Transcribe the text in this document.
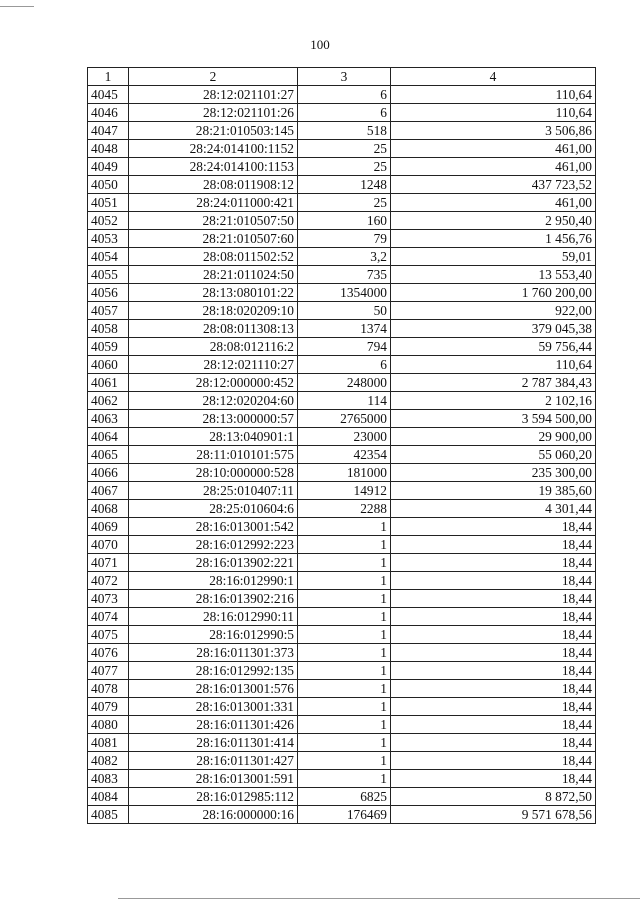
100
1	2	3	4
4045	28:12:021101:27	6	110,64
4046	28:12:021101:26	6	110,64
4047	28:21:010503:145	518	3 506,86
4048	28:24:014100:1152	25	461,00
4049	28:24:014100:1153	25	461,00
4050	28:08:011908:12	1248	437 723,52
4051	28:24:011000:421	25	461,00
4052	28:21:010507:50	160	2 950,40
4053	28:21:010507:60	79	1 456,76
4054	28:08:011502:52	3,2	59,01
4055	28:21:011024:50	735	13 553,40
4056	28:13:080101:22	1354000	1 760 200,00
4057	28:18:020209:10	50	922,00
4058	28:08:011308:13	1374	379 045,38
4059	28:08:012116:2	794	59 756,44
4060	28:12:021110:27	6	110,64
4061	28:12:000000:452	248000	2 787 384,43
4062	28:12:020204:60	114	2 102,16
4063	28:13:000000:57	2765000	3 594 500,00
4064	28:13:040901:1	23000	29 900,00
4065	28:11:010101:575	42354	55 060,20
4066	28:10:000000:528	181000	235 300,00
4067	28:25:010407:11	14912	19 385,60
4068	28:25:010604:6	2288	4 301,44
4069	28:16:013001:542	1	18,44
4070	28:16:012992:223	1	18,44
4071	28:16:013902:221	1	18,44
4072	28:16:012990:1	1	18,44
4073	28:16:013902:216	1	18,44
4074	28:16:012990:11	1	18,44
4075	28:16:012990:5	1	18,44
4076	28:16:011301:373	1	18,44
4077	28:16:012992:135	1	18,44
4078	28:16:013001:576	1	18,44
4079	28:16:013001:331	1	18,44
4080	28:16:011301:426	1	18,44
4081	28:16:011301:414	1	18,44
4082	28:16:011301:427	1	18,44
4083	28:16:013001:591	1	18,44
4084	28:16:012985:112	6825	8 872,50
4085	28:16:000000:16	176469	9 571 678,56
